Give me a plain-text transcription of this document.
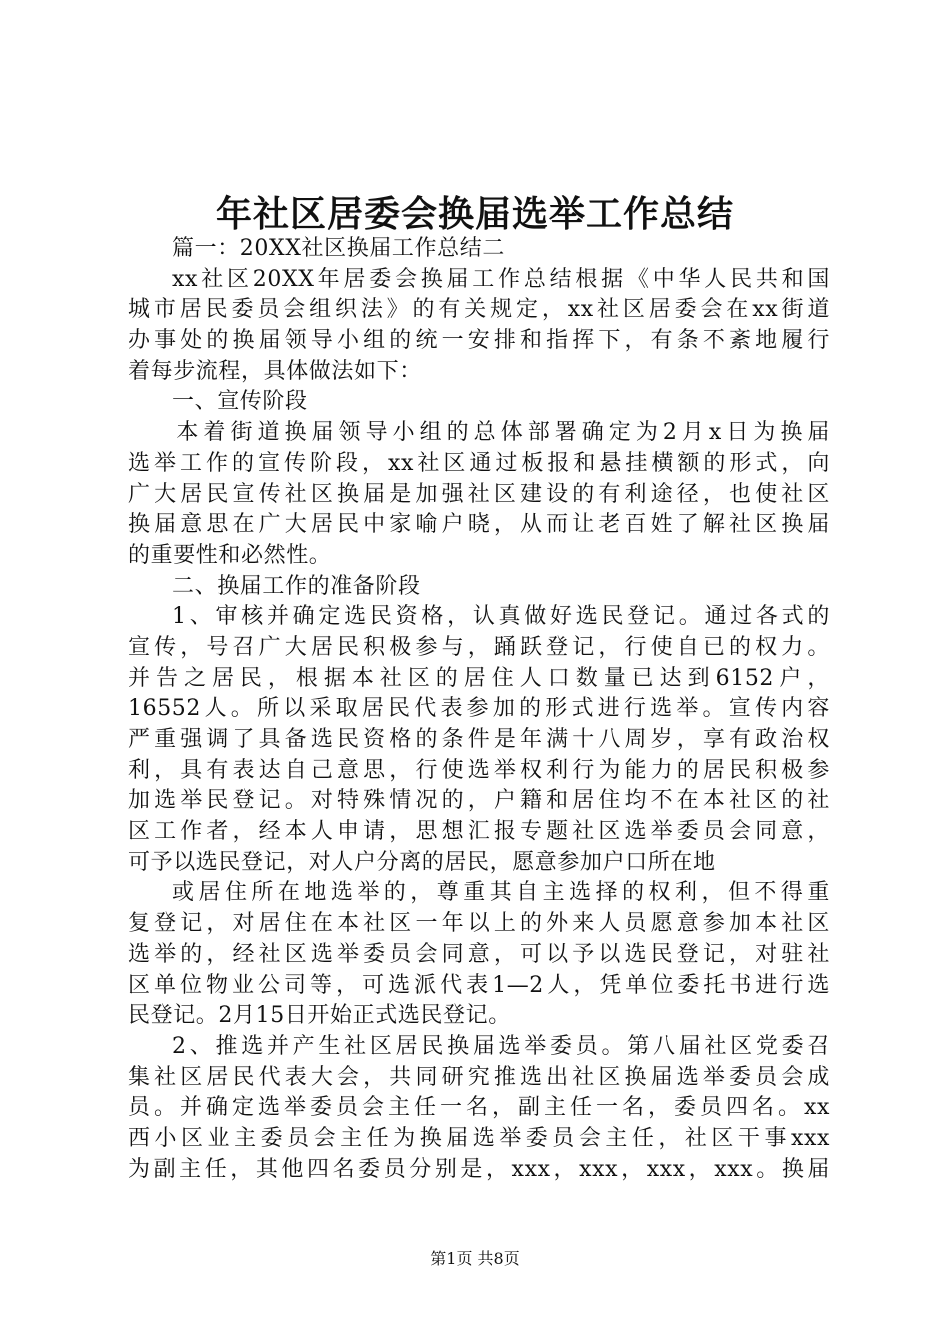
年社区居委会换届选举工作总结
篇一：20XX社区换届工作总结二
xx社区20XX年居委会换届工作总结根据《中华人民共和国
城市居民委员会组织法》的有关规定，xx社区居委会在xx街道
办事处的换届领导小组的统一安排和指挥下，有条不紊地履行
着每步流程，具体做法如下：
一、宣传阶段
本着街道换届领导小组的总体部署确定为2月x日为换届
选举工作的宣传阶段，xx社区通过板报和悬挂横额的形式，向
广大居民宣传社区换届是加强社区建设的有利途径，也使社区
换届意思在广大居民中家喻户晓，从而让老百姓了解社区换届
的重要性和必然性。
二、换届工作的准备阶段
1、审核并确定选民资格，认真做好选民登记。通过各式的
宣传，号召广大居民积极参与，踊跃登记，行使自已的权力。
并告之居民，根据本社区的居住人口数量已达到6152户，
16552人。所以采取居民代表参加的形式进行选举。宣传内容
严重强调了具备选民资格的条件是年满十八周岁，享有政治权
利，具有表达自己意思，行使选举权利行为能力的居民积极参
加选举民登记。对特殊情况的，户籍和居住均不在本社区的社
区工作者，经本人申请，思想汇报专题社区选举委员会同意，
可予以选民登记，对人户分离的居民，愿意参加户口所在地
或居住所在地选举的，尊重其自主选择的权利，但不得重
复登记，对居住在本社区一年以上的外来人员愿意参加本社区
选举的，经社区选举委员会同意，可以予以选民登记，对驻社
区单位物业公司等，可选派代表1—2人，凭单位委托书进行选
民登记。2月15日开始正式选民登记。
2、推选并产生社区居民换届选举委员。第八届社区党委召
集社区居民代表大会，共同研究推选出社区换届选举委员会成
员。并确定选举委员会主任一名，副主任一名，委员四名。xx
西小区业主委员会主任为换届选举委员会主任，社区干事xxx
为副主任，其他四名委员分别是，xxx，xxx，xxx，xxx。换届
第1页 共8页
